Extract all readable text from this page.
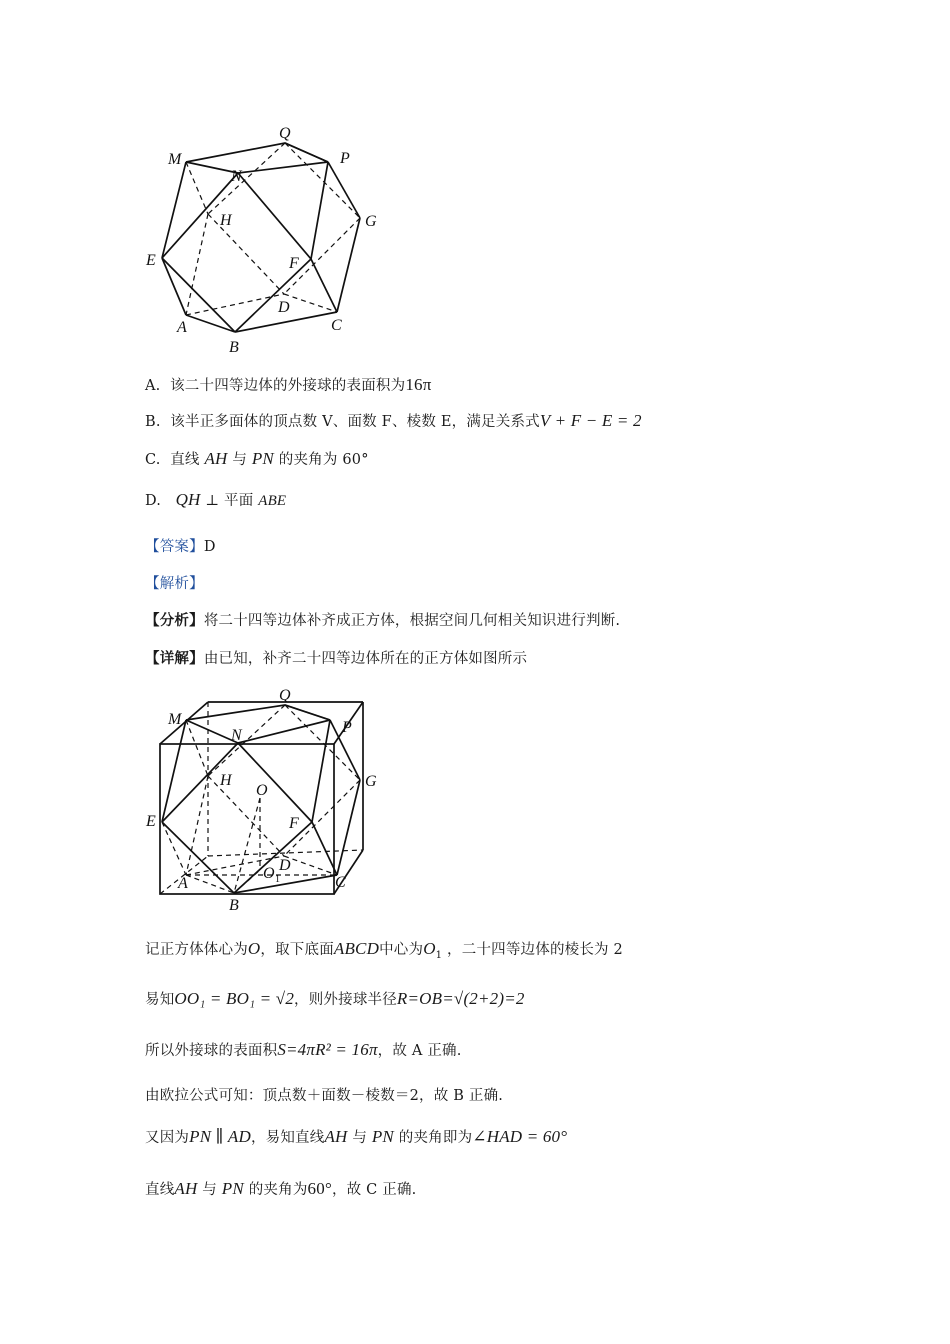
Q
M	P
N
H	G
E	F
D
A	C
B
A. 该二十四等边体的外接球的表面积为16π
B. 该半正多面体的顶点数 V、面数 F、棱数 E，满足关系式V + F − E = 2
C. 直线 AH 与 PN 的夹角为 60°
D. QH ⊥ 平面 ABE
【答案】D
【解析】
【分析】将二十四等边体补齐成正方体，根据空间几何相关知识进行判断.
【详解】由已知，补齐二十四等边体所在的正方体如图所示
Q
M	P
N
H
O
G
E	F
O 1
D
A	C
B
记正方体体心为O，取下底面ABCD中心为$O_1$ ，二十四等边体的棱长为 2
易知OO₁ = BO₁ = √2，则外接球半径R=OB=√(2+2)=2
所以外接球的表面积S=4πR² = 16π，故 A 正确.
由欧拉公式可知：顶点数＋面数－棱数＝2，故 B 正确.
又因为PN ∥ AD，易知直线AH 与 PN 的夹角即为∠HAD = 60°
直线AH 与 PN 的夹角为60°，故 C 正确.
